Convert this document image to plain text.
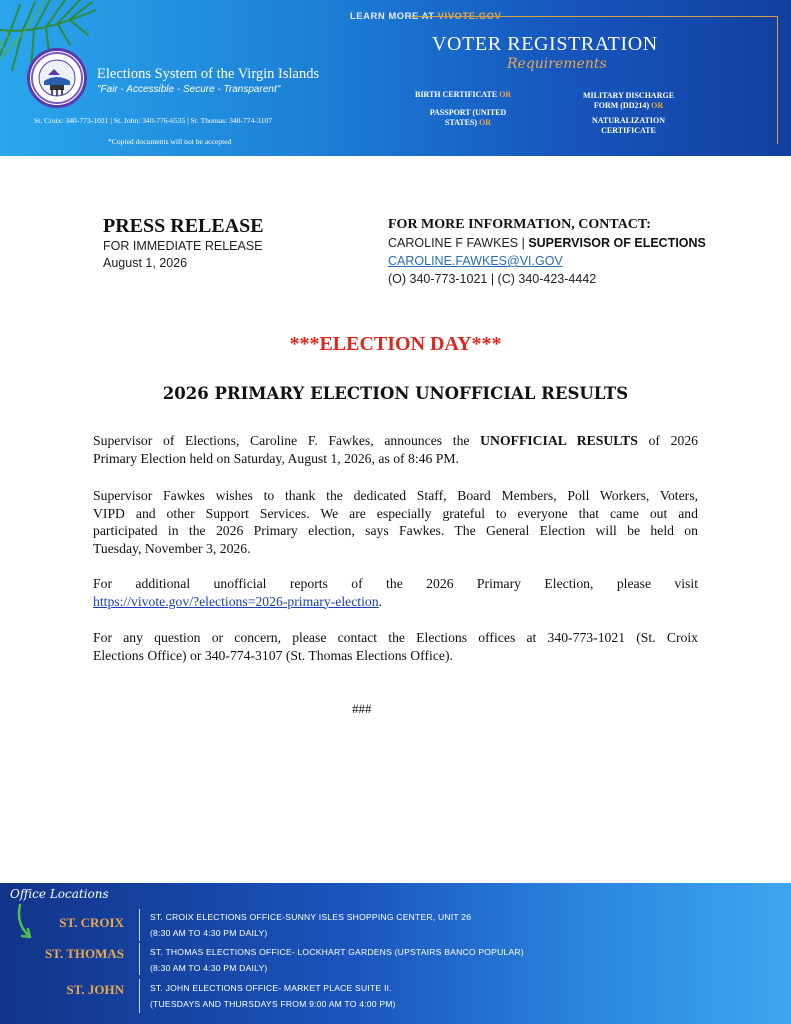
Elections System of the Virgin Islands
"Fair - Accessible - Secure - Transparent"
St. Croix: 340-773-1021 | St. John: 340-776-6535 | St. Thomas: 340-774-3107
*Copied documents will not be accepted
LEARN MORE AT VIVOTE.GOV
VOTER REGISTRATION
Requirements
BIRTH CERTIFICATE OR
PASSPORT (UNITED
STATES) OR
MILITARY DISCHARGE
FORM (DD214) OR
NATURALIZATION
CERTIFICATE
PRESS RELEASE
FOR IMMEDIATE RELEASE
August 1, 2026
FOR MORE INFORMATION, CONTACT:
CAROLINE F FAWKES | SUPERVISOR OF ELECTIONS
CAROLINE.FAWKES@VI.GOV
(O) 340-773-1021 | (C) 340-423-4442
***ELECTION DAY***
2026 PRIMARY ELECTION UNOFFICIAL RESULTS
Supervisor of Elections, Caroline F. Fawkes, announces the UNOFFICIAL RESULTS of 2026
Primary Election held on Saturday, August 1, 2026, as of 8:46 PM.
Supervisor Fawkes wishes to thank the dedicated Staff, Board Members, Poll Workers, Voters,
VIPD and other Support Services. We are especially grateful to everyone that came out and
participated in the 2026 Primary election, says Fawkes. The General Election will be held on
Tuesday, November 3, 2026.
For additional unofficial reports of the 2026 Primary Election, please visit
https://vivote.gov/?elections=2026-primary-election.
For any question or concern, please contact the Elections offices at 340-773-1021 (St. Croix
Elections Office) or 340-774-3107 (St. Thomas Elections Office).
###
Office Locations
ST. CROIX	ST. CROIX ELECTIONS OFFICE-SUNNY ISLES SHOPPING CENTER, UNIT 26
(8:30 AM TO 4:30 PM DAILY)
ST. THOMAS	ST. THOMAS ELECTIONS OFFICE- LOCKHART GARDENS (UPSTAIRS BANCO POPULAR)
(8:30 AM TO 4:30 PM DAILY)
ST. JOHN	ST. JOHN ELECTIONS OFFICE- MARKET PLACE SUITE II.
(TUESDAYS AND THURSDAYS FROM 9:00 AM TO 4:00 PM)
